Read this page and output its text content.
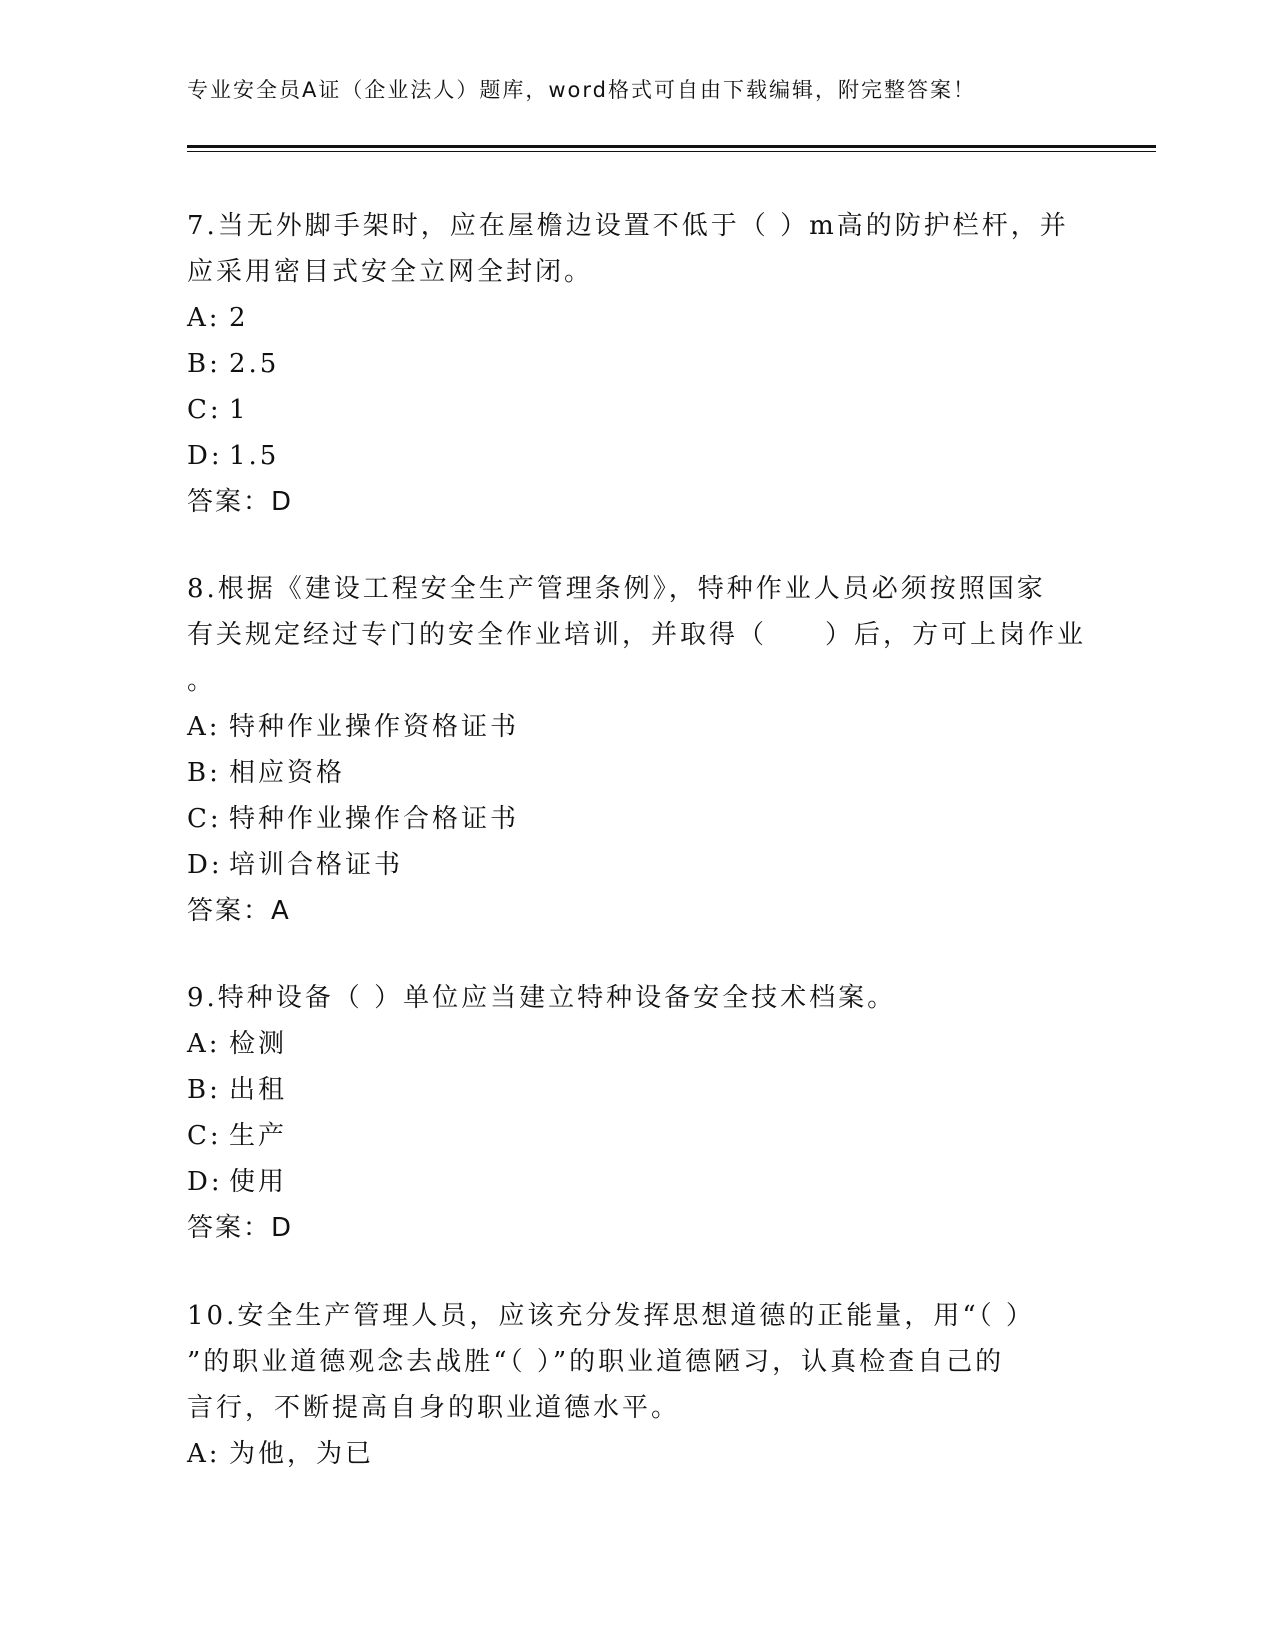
专业安全员A证（企业法人）题库，word格式可自由下载编辑，附完整答案！
7.当无外脚手架时，应在屋檐边设置不低于（ ）m高的防护栏杆，并
应采用密目式安全立网全封闭。
A: 2
B: 2.5
C: 1
D: 1.5
答案：D
8.根据《建设工程安全生产管理条例》，特种作业人员必须按照国家
有关规定经过专门的安全作业培训，并取得（　　）后，方可上岗作业
。
A: 特种作业操作资格证书
B: 相应资格
C: 特种作业操作合格证书
D: 培训合格证书
答案：A
9.特种设备（ ）单位应当建立特种设备安全技术档案。
A: 检测
B: 出租
C: 生产
D: 使用
答案：D
10.安全生产管理人员，应该充分发挥思想道德的正能量，用“（ ）
”的职业道德观念去战胜“（ ）”的职业道德陋习，认真检查自己的
言行，不断提高自身的职业道德水平。
A: 为他，为已
